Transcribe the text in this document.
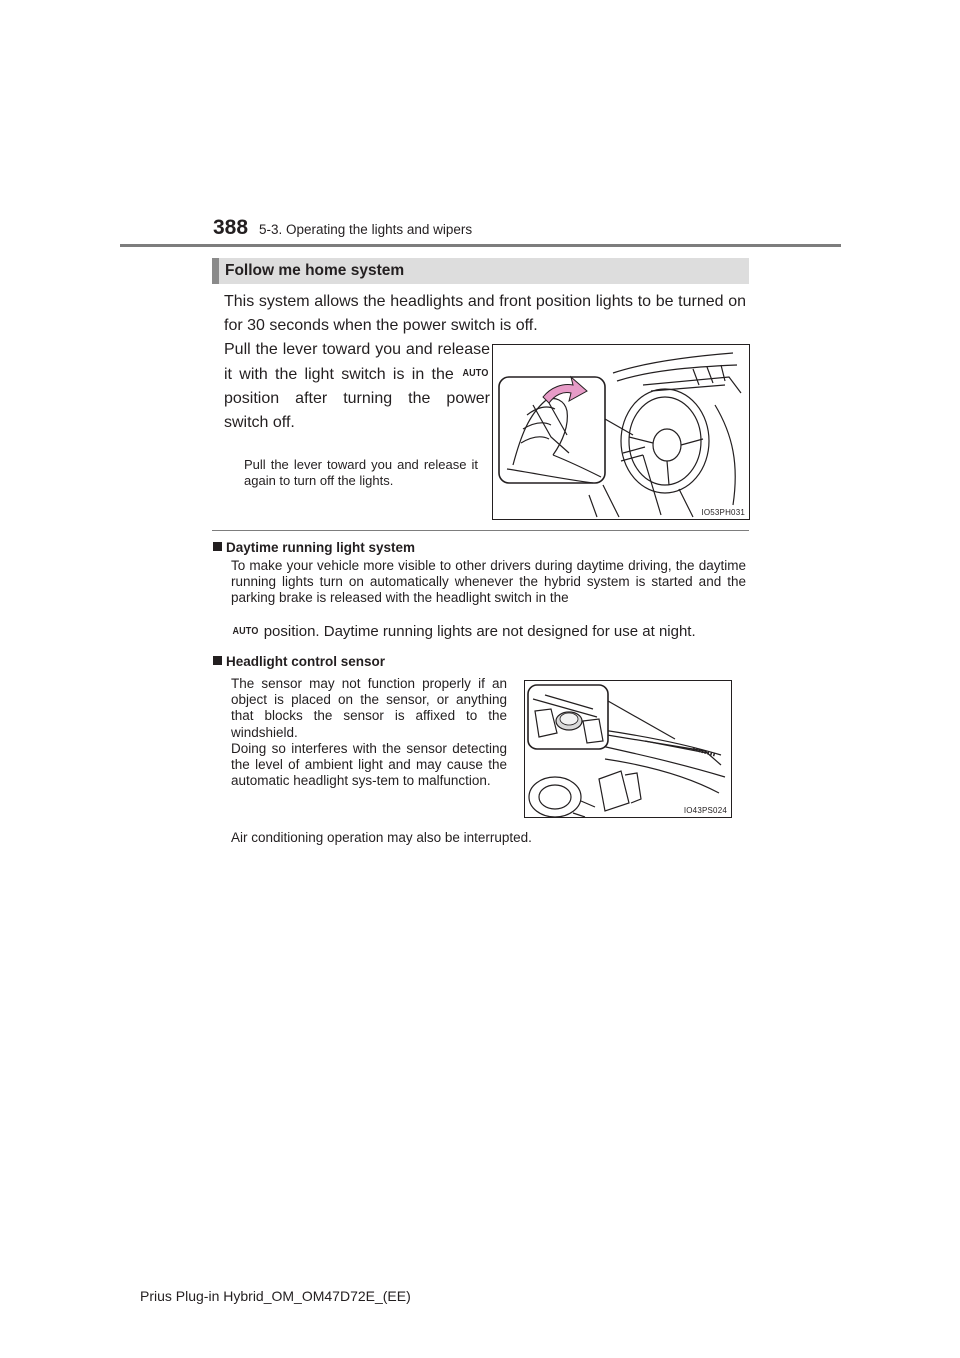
388 5-3. Operating the lights and wipers
Follow me home system
This system allows the headlights and front position lights to be turned on for 30 seconds when the power switch is off.
Pull the lever toward you and release it with the light switch is in the AUTO position after turning the power switch off.
Pull the lever toward you and release it again to turn off the lights.
IO53PH031
Daytime running light system
To make your vehicle more visible to other drivers during daytime driving, the daytime running lights turn on automatically whenever the hybrid system is started and the parking brake is released with the headlight switch in the
AUTO position. Daytime running lights are not designed for use at night.
Headlight control sensor
The sensor may not function properly if an object is placed on the sensor, or anything that blocks the sensor is affixed to the windshield.
Doing so interferes with the sensor detecting the level of ambient light and may cause the automatic headlight sys-tem to malfunction.
IO43PS024
Air conditioning operation may also be interrupted.
Prius Plug-in Hybrid_OM_OM47D72E_(EE)
